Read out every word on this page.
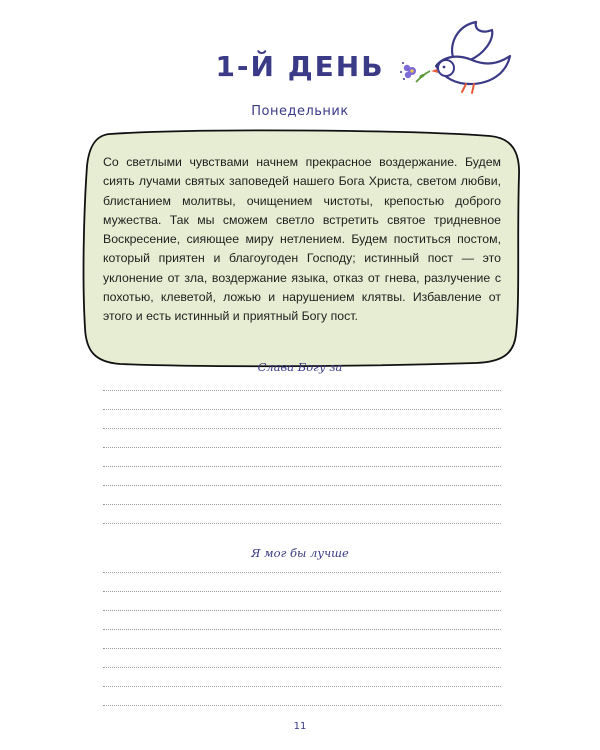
1-Й ДЕНЬ
Понедельник

Со светлыми чувствами начнем прекрасное воздержание. Будем сиять лучами святых заповедей нашего Бога Христа, светом любви, блистанием молитвы, очищением чистоты, крепостью доброго мужества. Так мы сможем светло встретить святое тридневное Воскресение, сияющее миру нетлением. Будем поститься постом, который приятен и благоугоден Господу; истинный пост — это уклонение от зла, воздержание языка, отказ от гнева, разлучение с похотью, клеветой, ложью и нарушением клятвы. Избавление от этого и есть истинный и приятный Богу пост.

Слава Богу за
Я мог бы лучше
11
